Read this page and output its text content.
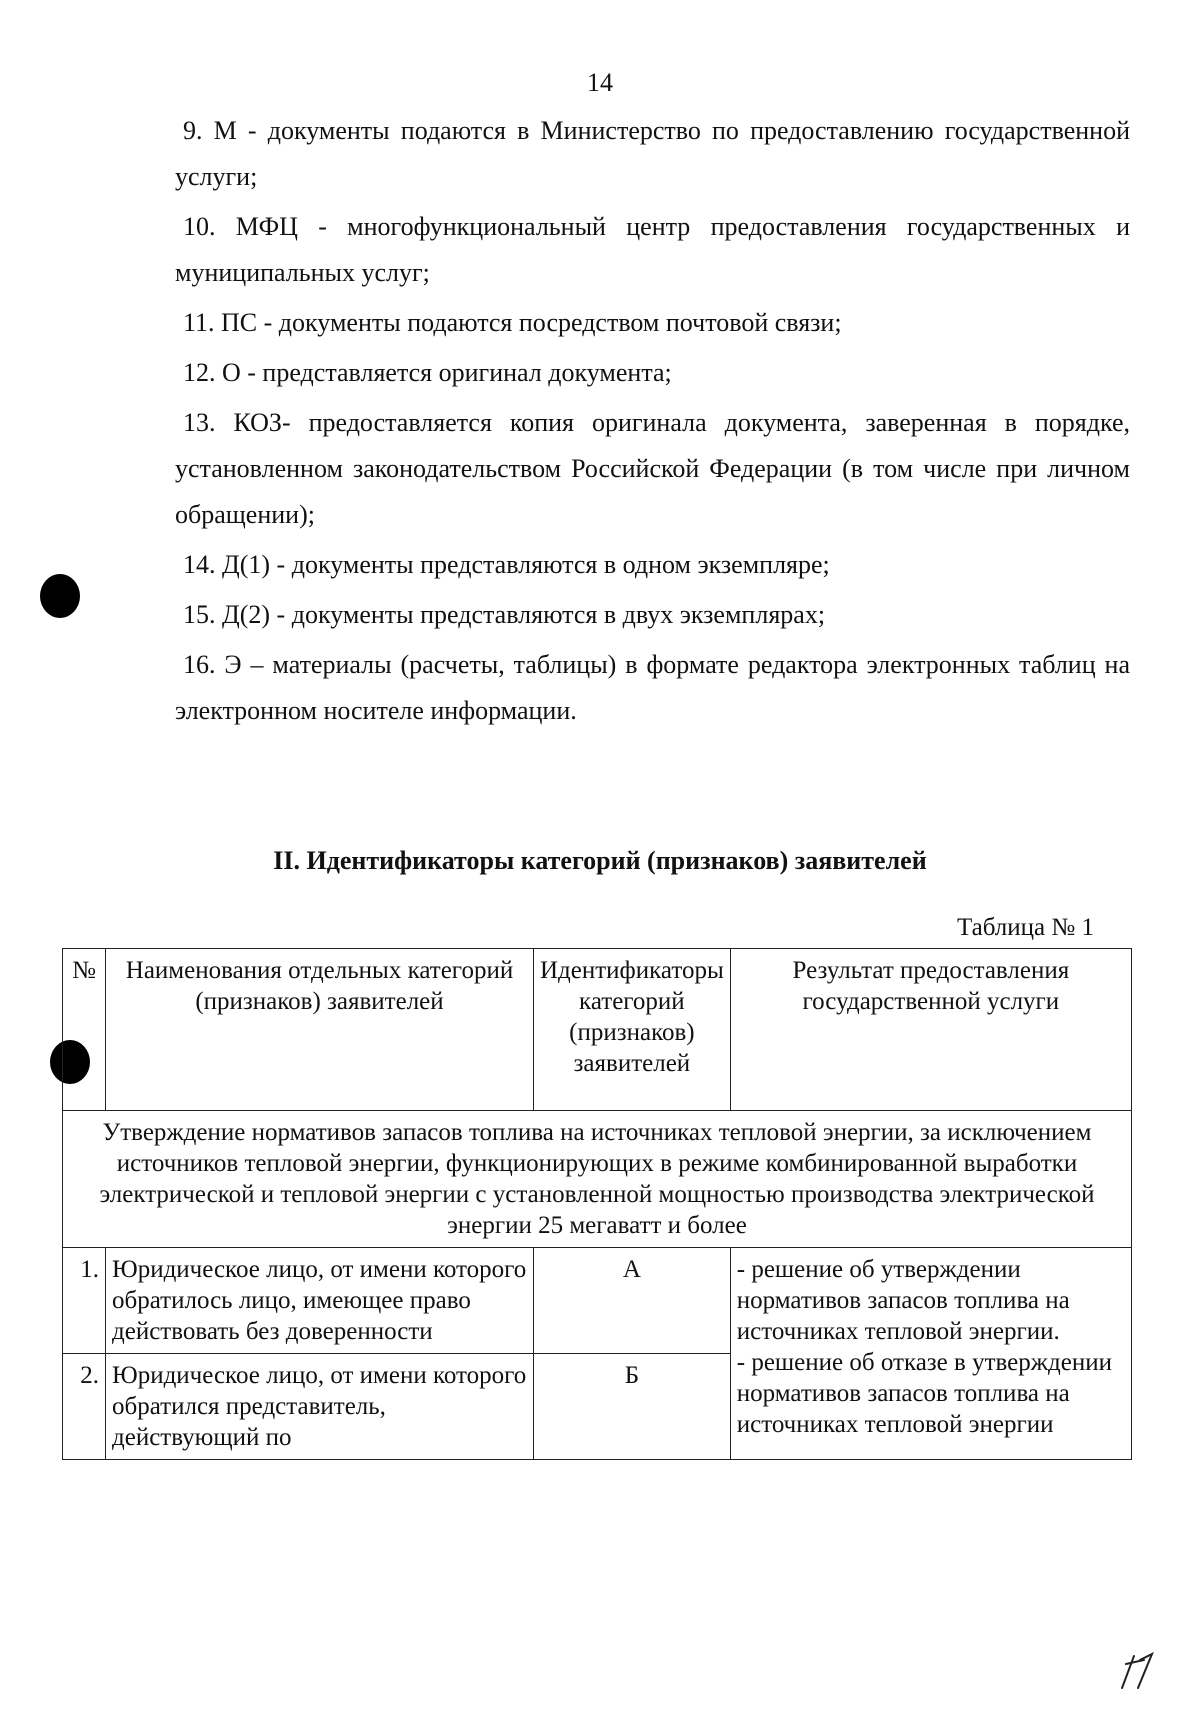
14

9. М - документы подаются в Министерство по предоставлению государственной услуги;

10. МФЦ - многофункциональный центр предоставления государственных и муниципальных услуг;

11. ПС - документы подаются посредством почтовой связи;

12. О - представляется оригинал документа;

13. КОЗ- предоставляется копия оригинала документа, заверенная в порядке, установленном законодательством Российской Федерации (в том числе при личном обращении);

14. Д(1) - документы представляются в одном экземпляре;

15. Д(2) - документы представляются в двух экземплярах;

16. Э – материалы (расчеты, таблицы) в формате редактора электронных таблиц на электронном носителе информации.

II. Идентификаторы категорий (признаков) заявителей
Таблица № 1
№	Наименования отдельных категорий (признаков) заявителей	Идентификаторы категорий (признаков) заявителей	Результат предоставления государственной услуги
Утверждение нормативов запасов топлива на источниках тепловой энергии, за исключением источников тепловой энергии, функционирующих в режиме комбинированной выработки электрической и тепловой энергии с установленной мощностью производства электрической энергии 25 мегаватт и более			
1.	Юридическое лицо, от имени которого обратилось лицо, имеющее право действовать без доверенности	А	- решение об утверждении нормативов запасов топлива на источниках тепловой энергии.
- решение об отказе в утверждении нормативов запасов топлива на источниках тепловой энергии

2.	Юридическое лицо, от имени которого обратился представитель, действующий по	Б	
